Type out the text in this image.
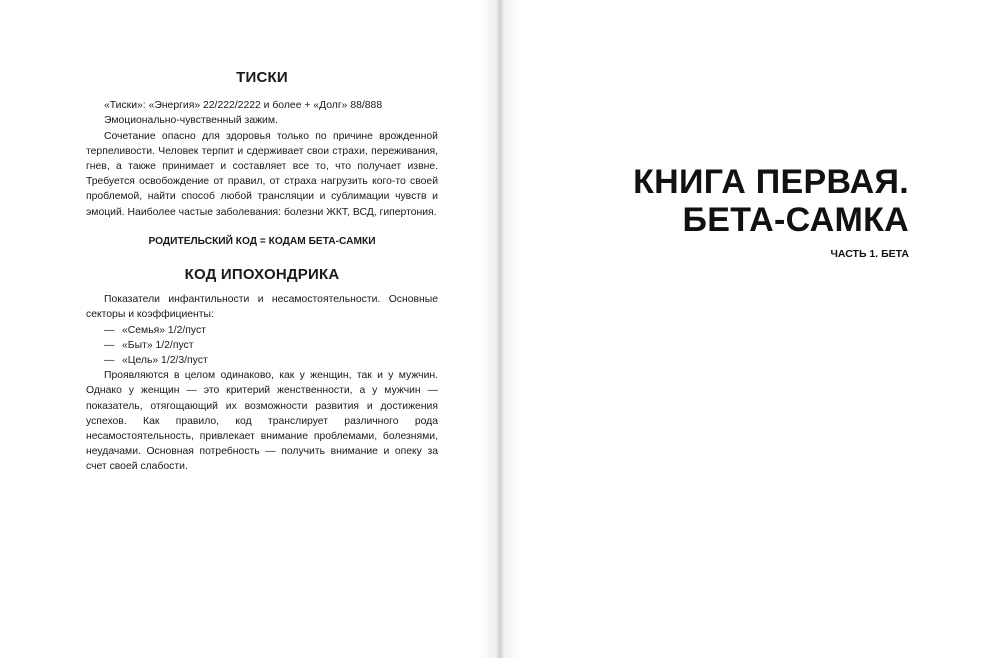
ТИСКИ

«Тиски»: «Энергия» 22/222/2222 и более + «Долг» 88/888

Эмоционально-чувственный зажим.

Сочетание опасно для здоровья только по причине врожденной терпеливости. Человек терпит и сдерживает свои страхи, переживания, гнев, а также принимает и составляет все то, что получает извне. Требуется освобождение от правил, от страха нагрузить кого-то своей проблемой, найти способ любой трансляции и сублимации чувств и эмоций. Наиболее частые заболевания: болезни ЖКТ, ВСД, гипертония.

РОДИТЕЛЬСКИЙ КОД = КОДАМ БЕТА-САМКИ

КОД ИПОХОНДРИКА

Показатели инфантильности и несамостоятельности. Основные секторы и коэффициенты:

— «Семья» 1/2/пуст

— «Быт» 1/2/пуст

— «Цель» 1/2/3/пуст

Проявляются в целом одинаково, как у женщин, так и у мужчин. Однако у женщин — это критерий женственности, а у мужчин — показатель, отягощающий их возможности развития и достижения успехов. Как правило, код транслирует различного рода несамостоятельность, привлекает внимание проблемами, болезнями, неудачами. Основная потребность — получить внимание и опеку за счет своей слабости.

КНИГА ПЕРВАЯ.
БЕТА-САМКА
ЧАСТЬ 1. БЕТА
